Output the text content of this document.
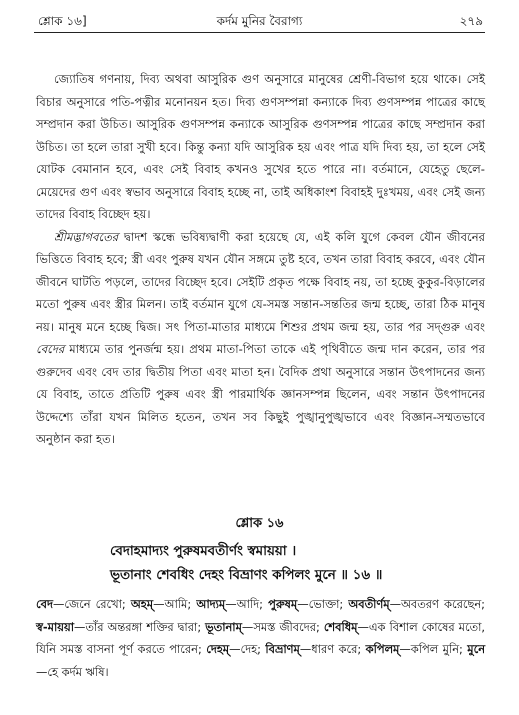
শ্লোক ১৬]	কর্দম মুনির বৈরাগ্য	২৭৯

জ্যোতিষ গণনায়, দিব্য অথবা আসুরিক গুণ অনুসারে মানুষের শ্রেণী-বিভাগ হয়ে থাকে। সেই বিচার অনুসারে পতি-পত্নীর মনোনয়ন হত। দিব্য গুণসম্পন্না কন্যাকে দিব্য গুণসম্পন্ন পাত্রের কাছে সম্প্রদান করা উচিত। আসুরিক গুণসম্পন্ন কন্যাকে আসুরিক গুণসম্পন্ন পাত্রের কাছে সম্প্রদান করা উচিত। তা হলে তারা সুখী হবে। কিন্তু কন্যা যদি আসুরিক হয় এবং পাত্র যদি দিব্য হয়, তা হলে সেই যোটক বেমানান হবে, এবং সেই বিবাহ কখনও সুখের হতে পারে না। বর্তমানে, যেহেতু ছেলে-মেয়েদের গুণ এবং স্বভাব অনুসারে বিবাহ হচ্ছে না, তাই অধিকাংশ বিবাহই দুঃখময়, এবং সেই জন্য তাদের বিবাহ বিচ্ছেদ হয়।

শ্রীমদ্ভাগবতের দ্বাদশ স্কন্ধে ভবিষ্যদ্বাণী করা হয়েছে যে, এই কলি যুগে কেবল যৌন জীবনের ভিত্তিতে বিবাহ হবে; স্ত্রী এবং পুরুষ যখন যৌন সঙ্গমে তুষ্ট হবে, তখন তারা বিবাহ করবে, এবং যৌন জীবনে ঘাটতি পড়লে, তাদের বিচ্ছেদ হবে। সেইটি প্রকৃত পক্ষে বিবাহ নয়, তা হচ্ছে কুকুর-বিড়ালের মতো পুরুষ এবং স্ত্রীর মিলন। তাই বর্তমান যুগে যে-সমস্ত সন্তান-সন্ততির জন্ম হচ্ছে, তারা ঠিক মানুষ নয়। মানুষ মনে হচ্ছে দ্বিজ। সৎ পিতা-মাতার মাধ্যমে শিশুর প্রথম জন্ম হয়, তার পর সদ্গুরু এবং বেদের মাধ্যমে তার পুনর্জন্ম হয়। প্রথম মাতা-পিতা তাকে এই পৃথিবীতে জন্ম দান করেন, তার পর গুরুদেব এবং বেদ তার দ্বিতীয় পিতা এবং মাতা হন। বৈদিক প্রথা অনুসারে সন্তান উৎপাদনের জন্য যে বিবাহ, তাতে প্রতিটি পুরুষ এবং স্ত্রী পারমার্থিক জ্ঞানসম্পন্ন ছিলেন, এবং সন্তান উৎপাদনের উদ্দেশ্যে তাঁরা যখন মিলিত হতেন, তখন সব কিছুই পুঙ্খানুপুঙ্খভাবে এবং বিজ্ঞান-সম্মতভাবে অনুষ্ঠান করা হত।

শ্লোক ১৬
বেদাহমাদ্যং পুরুষমবতীর্ণং স্বমায়য়া ।
ভূতানাং শেবধিং দেহং বিভ্রাণং কপিলং মুনে ॥ ১৬ ॥

বেদ—জেনে রেখো; অহম্—আমি; আদ্যম্—আদি; পুরুষম্—ভোক্তা; অবতীর্ণম্—অবতরণ করেছেন; স্ব-মায়য়া—তাঁর অন্তরঙ্গা শক্তির দ্বারা; ভূতানাম্—সমস্ত জীবদের; শেবধিম্—এক বিশাল কোষের মতো, যিনি সমস্ত বাসনা পূর্ণ করতে পারেন; দেহম্—দেহ; বিভ্রাণম্—ধারণ করে; কপিলম্—কপিল মুনি; মুনে—হে কর্দম ঋষি।
